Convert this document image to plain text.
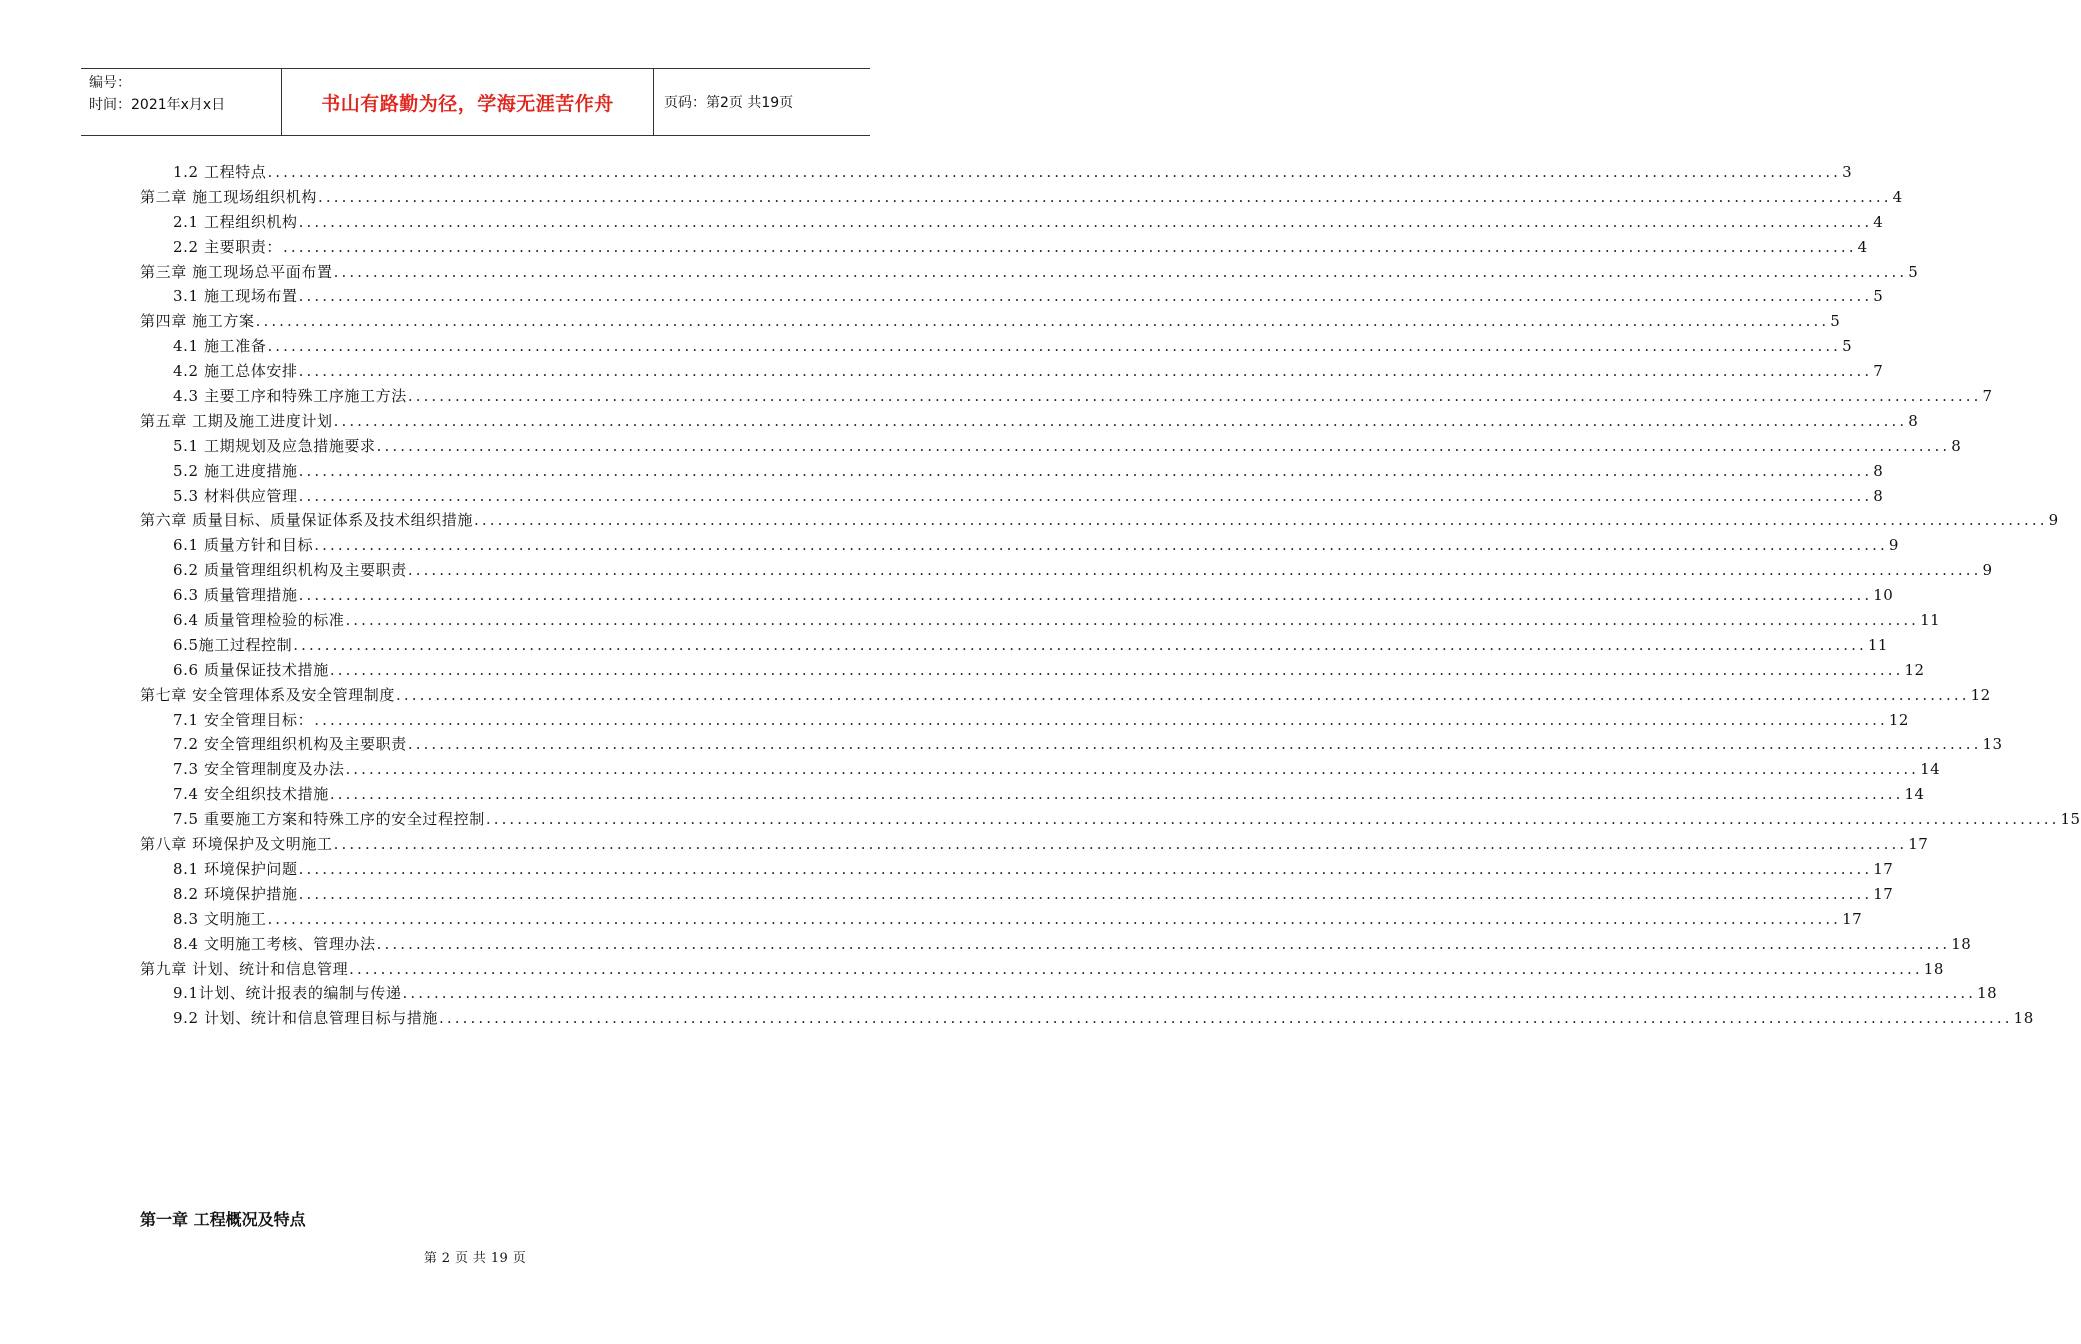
编号：
时间：2021年x月x日	书山有路勤为径，学海无涯苦作舟	页码：第2页 共19页
1.2 工程特点 ........................................................................................................................................................................................................ 3
第二章 施工现场组织机构 ........................................................................................................................................................................................................ 4
2.1 工程组织机构 ........................................................................................................................................................................................................ 4
2.2 主要职责： ........................................................................................................................................................................................................ 4
第三章 施工现场总平面布置 ........................................................................................................................................................................................................ 5
3.1 施工现场布置 ........................................................................................................................................................................................................ 5
第四章 施工方案 ........................................................................................................................................................................................................ 5
4.1 施工准备 ........................................................................................................................................................................................................ 5
4.2 施工总体安排 ........................................................................................................................................................................................................ 7
4.3 主要工序和特殊工序施工方法 ........................................................................................................................................................................................................ 7
第五章 工期及施工进度计划 ........................................................................................................................................................................................................ 8
5.1 工期规划及应急措施要求 ........................................................................................................................................................................................................ 8
5.2 施工进度措施 ........................................................................................................................................................................................................ 8
5.3 材料供应管理 ........................................................................................................................................................................................................ 8
第六章 质量目标、质量保证体系及技术组织措施 ........................................................................................................................................................................................................ 9
6.1 质量方针和目标 ........................................................................................................................................................................................................ 9
6.2 质量管理组织机构及主要职责 ........................................................................................................................................................................................................ 9
6.3 质量管理措施 ........................................................................................................................................................................................................ 10
6.4 质量管理检验的标准 ........................................................................................................................................................................................................ 11
6.5施工过程控制 ........................................................................................................................................................................................................ 11
6.6 质量保证技术措施 ........................................................................................................................................................................................................ 12
第七章 安全管理体系及安全管理制度 ........................................................................................................................................................................................................ 12
7.1 安全管理目标： ........................................................................................................................................................................................................ 12
7.2 安全管理组织机构及主要职责 ........................................................................................................................................................................................................ 13
7.3 安全管理制度及办法 ........................................................................................................................................................................................................ 14
7.4 安全组织技术措施 ........................................................................................................................................................................................................ 14
7.5 重要施工方案和特殊工序的安全过程控制 ........................................................................................................................................................................................................ 15
第八章 环境保护及文明施工 ........................................................................................................................................................................................................ 17
8.1 环境保护问题 ........................................................................................................................................................................................................ 17
8.2 环境保护措施 ........................................................................................................................................................................................................ 17
8.3 文明施工 ........................................................................................................................................................................................................ 17
8.4 文明施工考核、管理办法 ........................................................................................................................................................................................................ 18
第九章 计划、统计和信息管理 ........................................................................................................................................................................................................ 18
9.1计划、统计报表的编制与传递 ........................................................................................................................................................................................................ 18
9.2 计划、统计和信息管理目标与措施 ........................................................................................................................................................................................................ 18
第一章 工程概况及特点
第 2 页 共 19 页
